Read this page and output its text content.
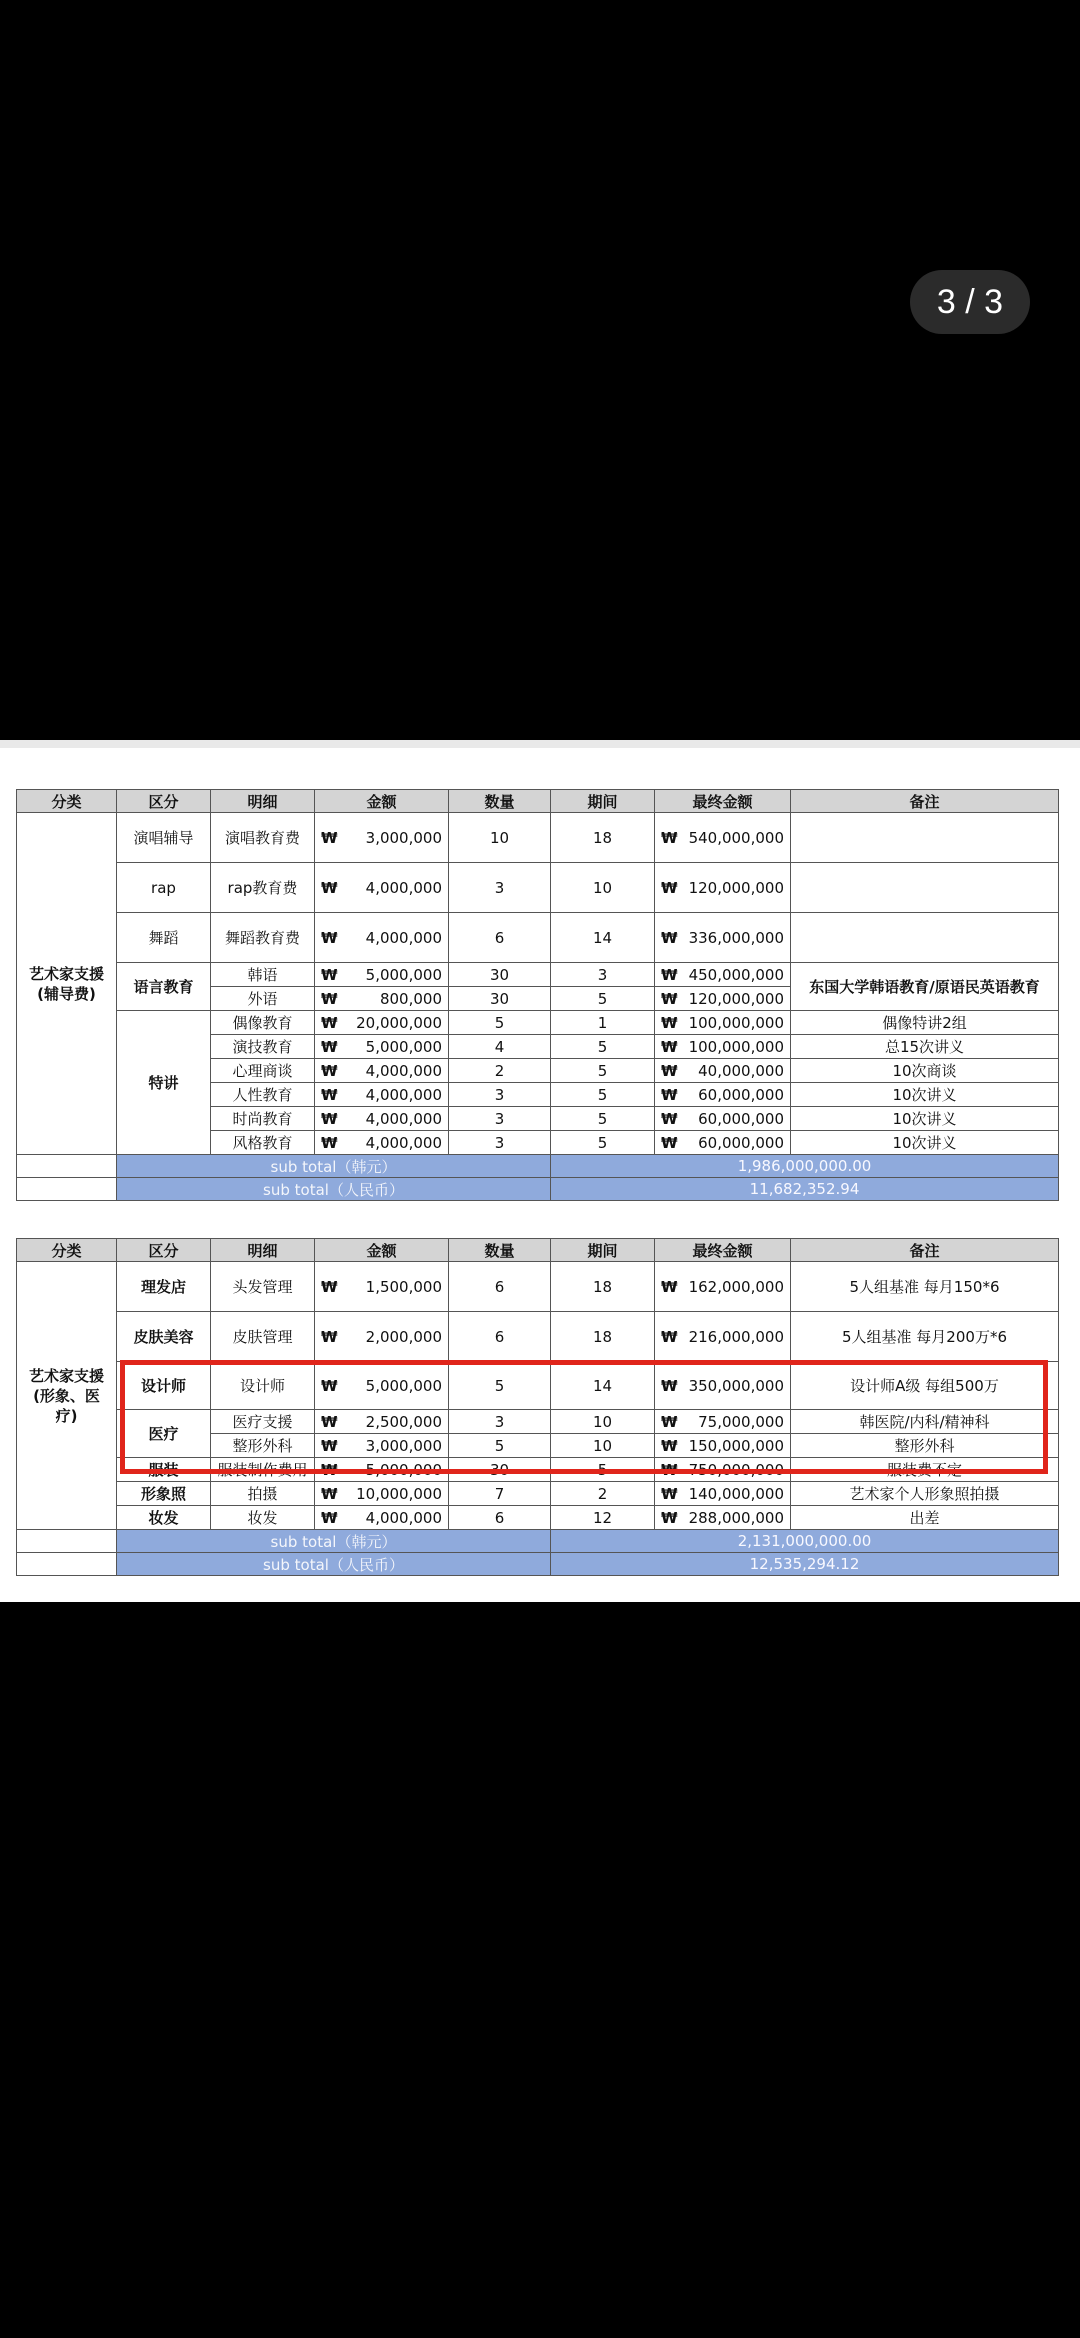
3 / 3
分类	区分	明细	金额	数量	期间	最终金额	备注
艺术家支援
(辅导费)	演唱辅导	演唱教育费	₩ 3,000,000	10	18	₩ 540,000,000	

	rap	rap教育费	₩ 4,000,000	3	10	₩ 120,000,000	

	舞蹈	舞蹈教育费	₩ 4,000,000	6	14	₩ 336,000,000	

	语言教育	韩语	₩ 5,000,000	30	3	₩ 450,000,000	东国大学韩语教育/原语民英语教育
		外语	₩ 800,000	30	5	₩ 120,000,000	

	特讲	偶像教育	₩ 20,000,000	5	1	₩ 100,000,000	偶像特讲2组
		演技教育	₩ 5,000,000	4	5	₩ 100,000,000	总15次讲义
		心理商谈	₩ 4,000,000	2	5	₩ 40,000,000	10次商谈
		人性教育	₩ 4,000,000	3	5	₩ 60,000,000	10次讲义
		时尚教育	₩ 4,000,000	3	5	₩ 60,000,000	10次讲义
		风格教育	₩ 4,000,000	3	5	₩ 60,000,000	10次讲义
	sub total（韩元）				1,986,000,000.00		
	sub total（人民币）				11,682,352.94		
分类	区分	明细	金额	数量	期间	最终金额	备注
艺术家支援
(形象、医
疗)	理发店	头发管理	₩ 1,500,000	6	18	₩ 162,000,000	5人组基准 每月150*6
	皮肤美容	皮肤管理	₩ 2,000,000	6	18	₩ 216,000,000	5人组基准 每月200万*6
	设计师	设计师	₩ 5,000,000	5	14	₩ 350,000,000	设计师A级 每组500万
	医疗	医疗支援	₩ 2,500,000	3	10	₩ 75,000,000	韩医院/内科/精神科
		整形外科	₩ 3,000,000	5	10	₩ 150,000,000	整形外科
	服装	服装制作费用	₩ 5,000,000	30	5	₩ 750,000,000	服装费不定
	形象照	拍摄	₩ 10,000,000	7	2	₩ 140,000,000	艺术家个人形象照拍摄
	妆发	妆发	₩ 4,000,000	6	12	₩ 288,000,000	出差
	sub total（韩元）				2,131,000,000.00		
	sub total（人民币）				12,535,294.12		
